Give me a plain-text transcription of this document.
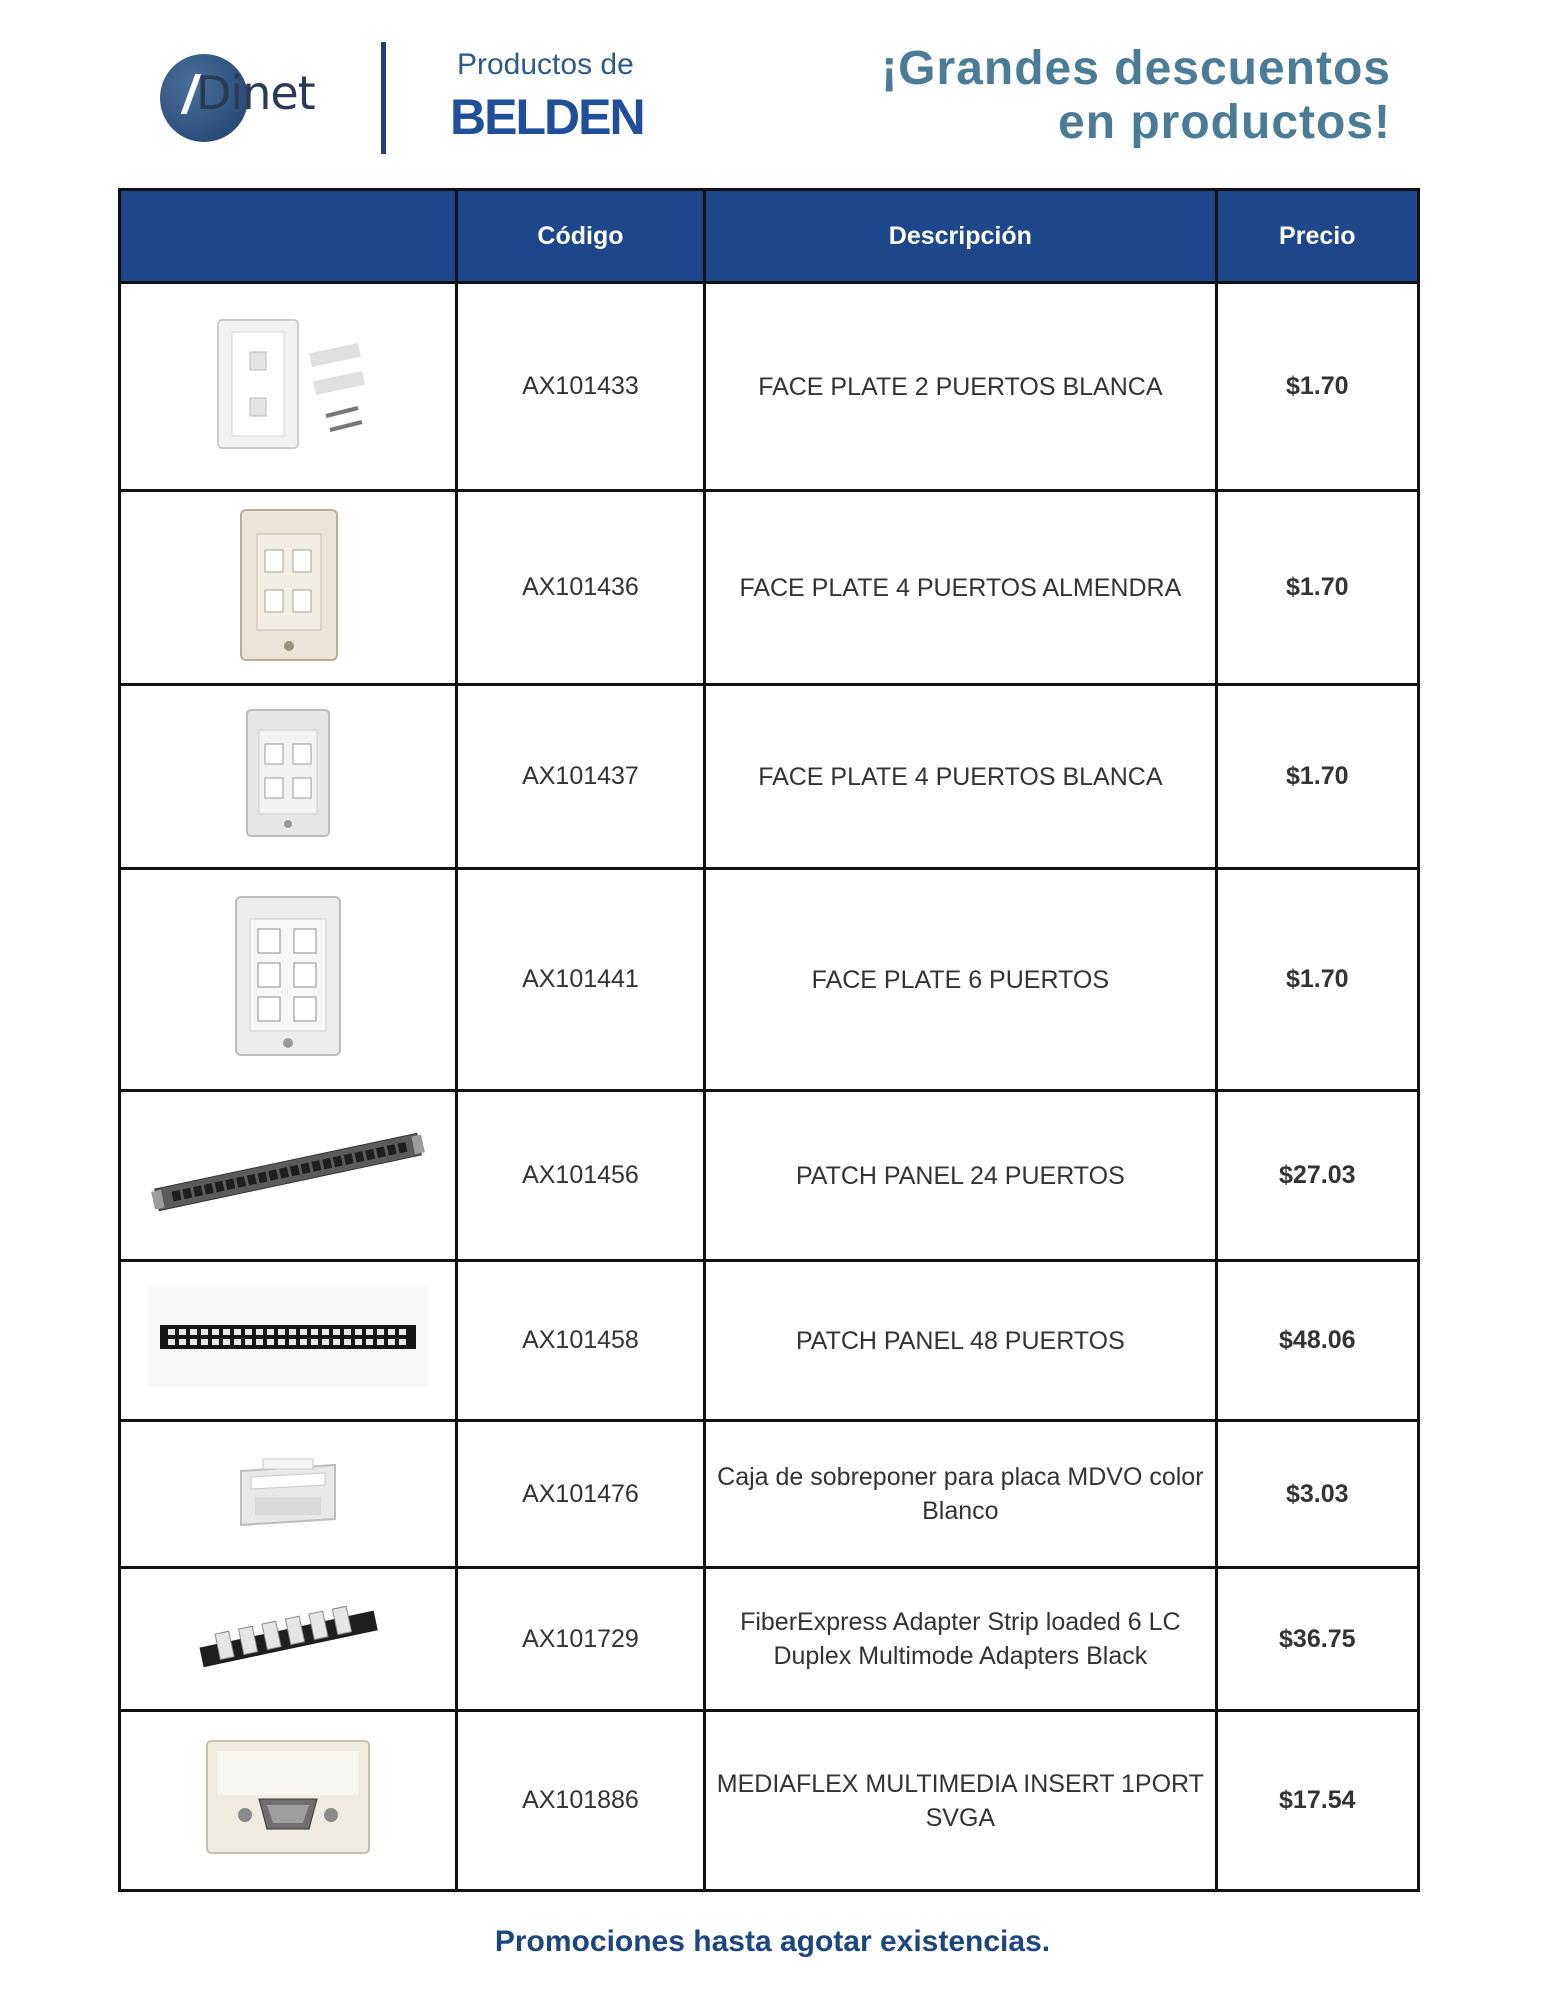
Dinet
Productos de
BELDEN
¡Grandes descuentos
en productos!
	Código	Descripción	Precio
	AX101433	FACE PLATE 2 PUERTOS BLANCA	$1.70
	AX101436	FACE PLATE 4 PUERTOS ALMENDRA	$1.70
	AX101437	FACE PLATE 4 PUERTOS BLANCA	$1.70
	AX101441	FACE PLATE 6 PUERTOS	$1.70
	AX101456	PATCH PANEL 24 PUERTOS	$27.03
	AX101458	PATCH PANEL 48 PUERTOS	$48.06
	AX101476	Caja de sobreponer para placa MDVO color Blanco	$3.03
	AX101729	FiberExpress Adapter Strip loaded 6 LC Duplex Multimode Adapters Black	$36.75
	AX101886	MEDIAFLEX MULTIMEDIA INSERT 1PORT SVGA	$17.54
Promociones hasta agotar existencias.
